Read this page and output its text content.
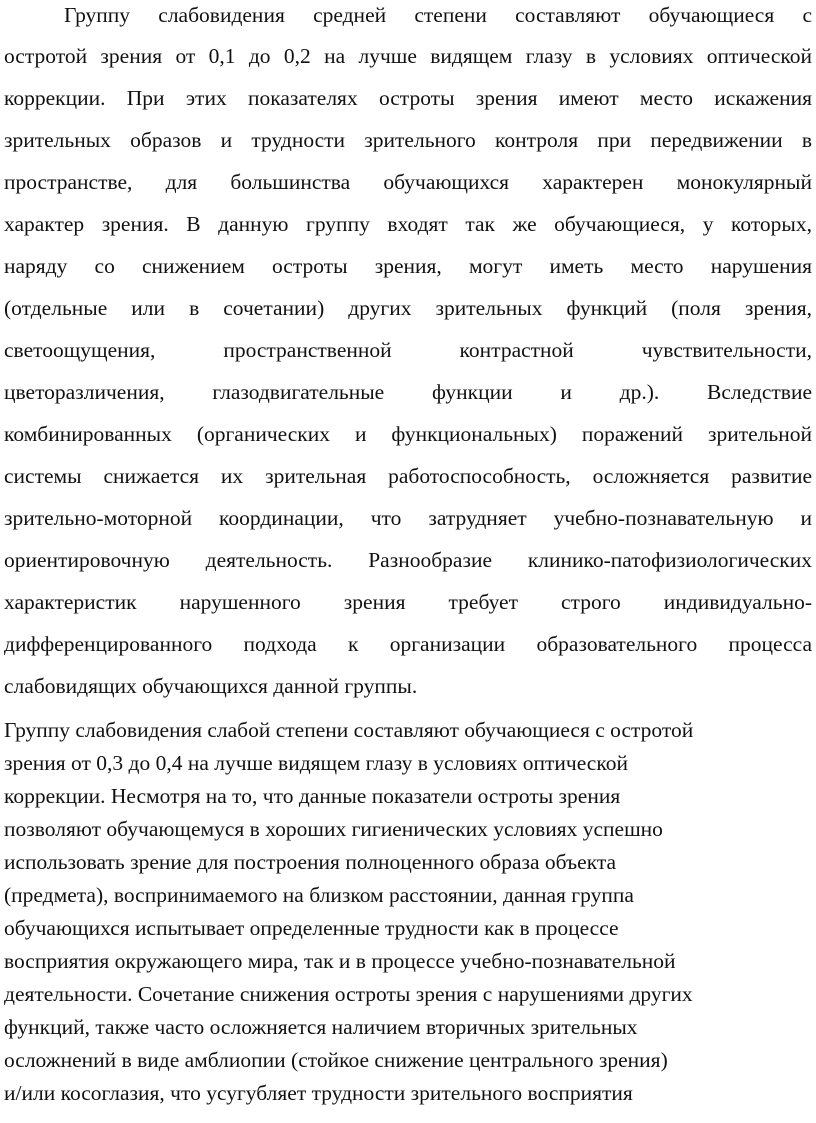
Группу слабовидения средней степени составляют обучающиеся с
остротой зрения от 0,1 до 0,2 на лучше видящем глазу в условиях оптической
коррекции. При этих показателях остроты зрения имеют место искажения
зрительных образов и трудности зрительного контроля при передвижении в
пространстве, для большинства обучающихся характерен монокулярный
характер зрения. В данную группу входят так же обучающиеся, у которых,
наряду со снижением остроты зрения, могут иметь место нарушения
(отдельные или в сочетании) других зрительных функций (поля зрения,
светоощущения, пространственной контрастной чувствительности,
цветоразличения, глазодвигательные функции и др.). Вследствие
комбинированных (органических и функциональных) поражений зрительной
системы снижается их зрительная работоспособность, осложняется развитие
зрительно-моторной координации, что затрудняет учебно-познавательную и
ориентировочную деятельность. Разнообразие клинико-патофизиологических
характеристик нарушенного зрения требует строго индивидуально-
дифференцированного подхода к организации образовательного процесса
слабовидящих обучающихся данной группы.
Группу слабовидения слабой степени составляют обучающиеся с остротой
зрения от 0,3 до 0,4 на лучше видящем глазу в условиях оптической
коррекции. Несмотря на то, что данные показатели остроты зрения
позволяют обучающемуся в хороших гигиенических условиях успешно
использовать зрение для построения полноценного образа объекта
(предмета), воспринимаемого на близком расстоянии, данная группа
обучающихся испытывает определенные трудности как в процессе
восприятия окружающего мира, так и в процессе учебно-познавательной
деятельности. Сочетание снижения остроты зрения с нарушениями других
функций, также часто осложняется наличием вторичных зрительных
осложнений в виде амблиопии (стойкое снижение центрального зрения)
и/или косоглазия, что усугубляет трудности зрительного восприятия
